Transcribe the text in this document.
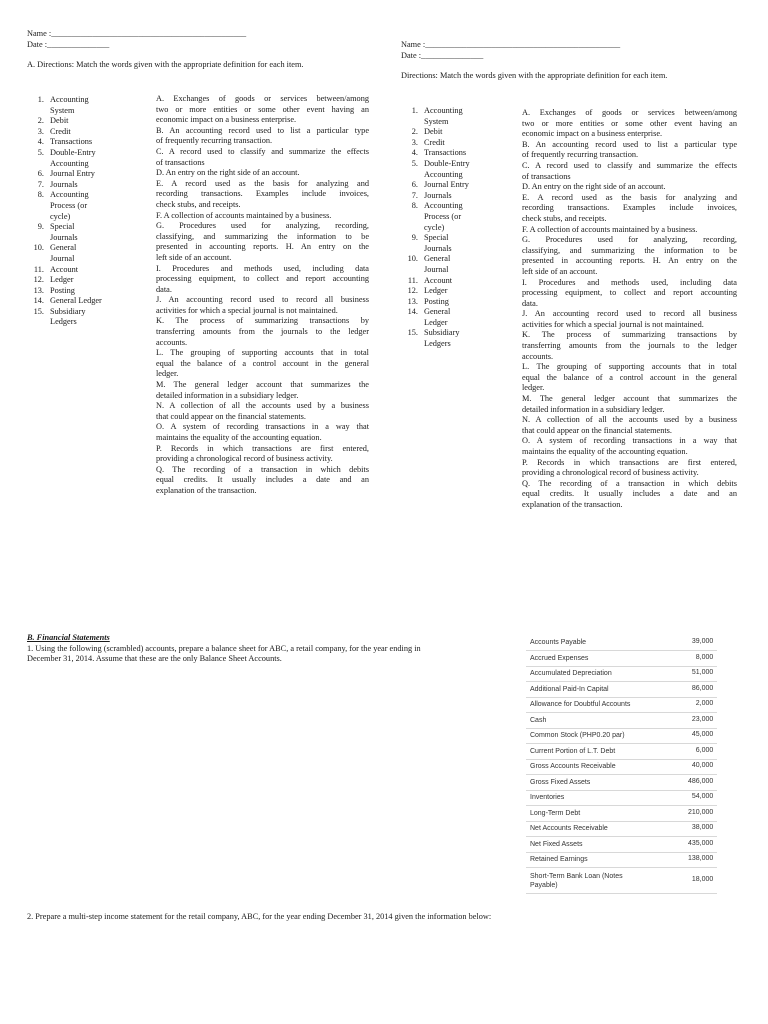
Name :_______________________________________________
Date :_______________
A. Directions: Match the words given with the appropriate definition for each item.
1. Accounting
System
2. Debit
3. Credit
4. Transactions
5. Double-Entry
Accounting
6. Journal Entry
7. Journals
8. Accounting
Process (or
cycle)
9. Special
Journals
10. General
Journal
11. Account
12. Ledger
13. Posting
14. General Ledger
15. Subsidiary
Ledgers
A. Exchanges of goods or services between/among
two or more entities or some other event having an
economic impact on a business enterprise.
B. An accounting record used to list a particular type
of frequently recurring transaction.
C. A record used to classify and summarize the effects
of transactions
D. An entry on the right side of an account.
E. A record used as the basis for analyzing and
recording transactions. Examples include invoices,
check stubs, and receipts.
F. A collection of accounts maintained by a business.
G. Procedures used for analyzing, recording,
classifying, and summarizing the information to be
presented in accounting reports. H. An entry on the
left side of an account.
I. Procedures and methods used, including data
processing equipment, to collect and report accounting
data.
J. An accounting record used to record all business
activities for which a special journal is not maintained.
K. The process of summarizing transactions by
transferring amounts from the journals to the ledger
accounts.
L. The grouping of supporting accounts that in total
equal the balance of a control account in the general
ledger.
M. The general ledger account that summarizes the
detailed information in a subsidiary ledger.
N. A collection of all the accounts used by a business
that could appear on the financial statements.
O. A system of recording transactions in a way that
maintains the equality of the accounting equation.
P. Records in which transactions are first entered,
providing a chronological record of business activity.
Q. The recording of a transaction in which debits
equal credits. It usually includes a date and an
explanation of the transaction.
Name :_______________________________________________
Date :_______________
Directions: Match the words given with the appropriate definition for each item.
1. Accounting
System
2. Debit
3. Credit
4. Transactions
5. Double-Entry
Accounting
6. Journal Entry
7. Journals
8. Accounting
Process (or
cycle)
9. Special
Journals
10. General
Journal
11. Account
12. Ledger
13. Posting
14. General
Ledger
15. Subsidiary
Ledgers
A. Exchanges of goods or services between/among
two or more entities or some other event having an
economic impact on a business enterprise.
B. An accounting record used to list a particular type
of frequently recurring transaction.
C. A record used to classify and summarize the effects
of transactions
D. An entry on the right side of an account.
E. A record used as the basis for analyzing and
recording transactions. Examples include invoices,
check stubs, and receipts.
F. A collection of accounts maintained by a business.
G. Procedures used for analyzing, recording,
classifying, and summarizing the information to be
presented in accounting reports. H. An entry on the
left side of an account.
I. Procedures and methods used, including data
processing equipment, to collect and report accounting
data.
J. An accounting record used to record all business
activities for which a special journal is not maintained.
K. The process of summarizing transactions by
transferring amounts from the journals to the ledger
accounts.
L. The grouping of supporting accounts that in total
equal the balance of a control account in the general
ledger.
M. The general ledger account that summarizes the
detailed information in a subsidiary ledger.
N. A collection of all the accounts used by a business
that could appear on the financial statements.
O. A system of recording transactions in a way that
maintains the equality of the accounting equation.
P. Records in which transactions are first entered,
providing a chronological record of business activity.
Q. The recording of a transaction in which debits
equal credits. It usually includes a date and an
explanation of the transaction.
B. Financial Statements
1. Using the following (scrambled) accounts, prepare a balance sheet for ABC, a retail company, for the year ending in
December 31, 2014. Assume that these are the only Balance Sheet Accounts.
Accounts Payable	39,000

Accrued Expenses	8,000

Accumulated Depreciation	51,000

Additional Paid-In Capital	86,000

Allowance for Doubtful Accounts	2,000

Cash	23,000

Common Stock (PHP0.20 par)	45,000

Current Portion of L.T. Debt	6,000

Gross Accounts Receivable	40,000

Gross Fixed Assets	486,000

Inventories	54,000

Long-Term Debt	210,000

Net Accounts Receivable	38,000

Net Fixed Assets	435,000

Retained Earnings	138,000

Short-Term Bank Loan (Notes
Payable)	18,000
2. Prepare a multi-step income statement for the retail company, ABC, for the year ending December 31, 2014 given the information below:
